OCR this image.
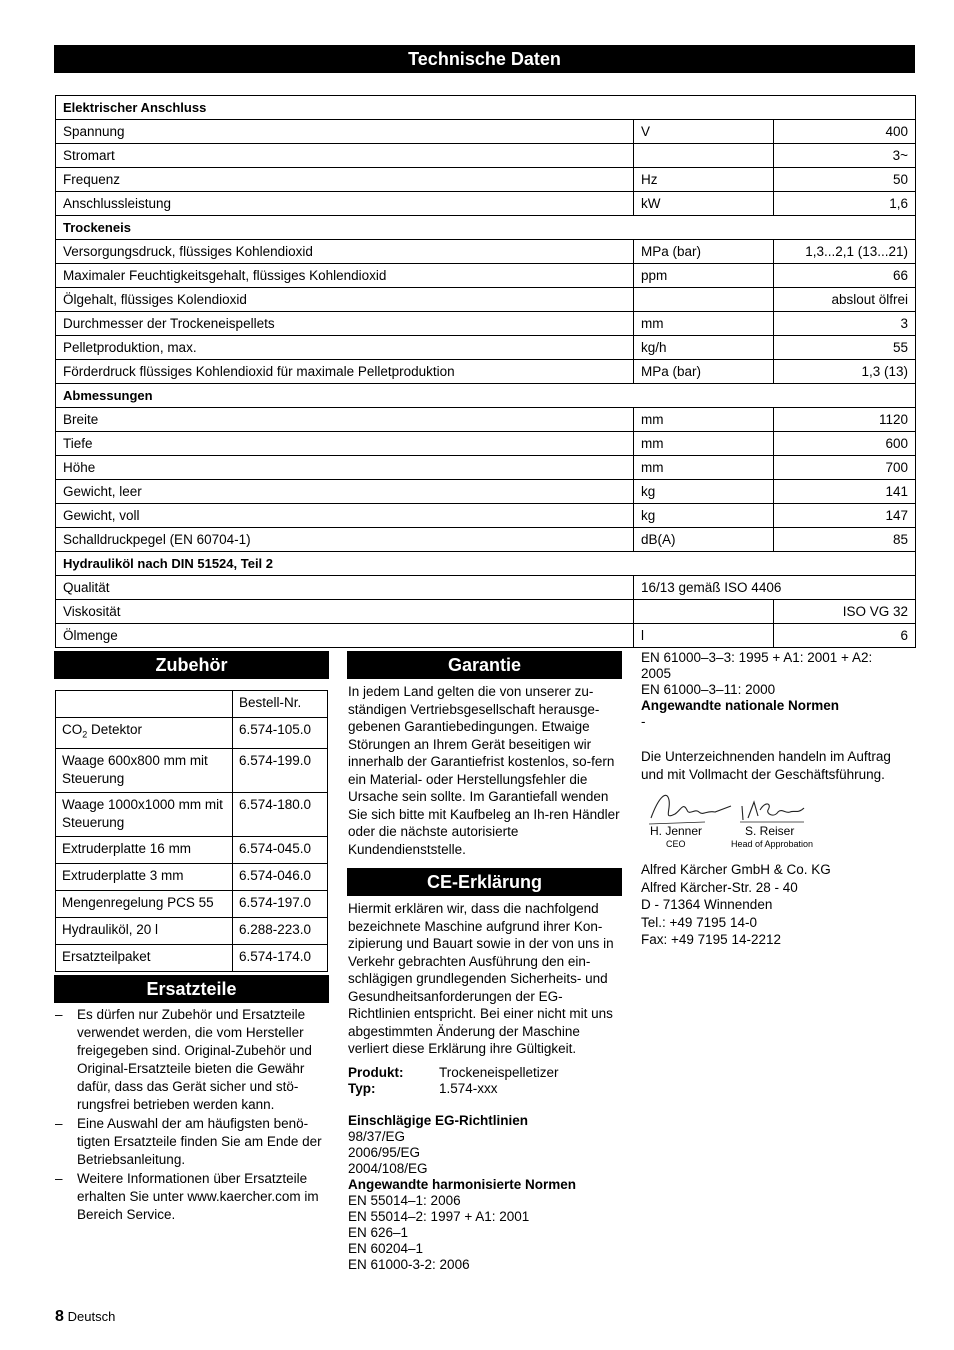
Technische Daten
Elektrischer Anschluss		
Spannung	V	400
Stromart		3~
Frequenz	Hz	50
Anschlussleistung	kW	1,6
Trockeneis		
Versorgungsdruck, flüssiges Kohlendioxid	MPa (bar)	1,3...2,1 (13...21)
Maximaler Feuchtigkeitsgehalt, flüssiges Kohlendioxid	ppm	66
Ölgehalt, flüssiges Kolendioxid		abslout ölfrei
Durchmesser der Trockeneispellets	mm	3
Pelletproduktion, max.	kg/h	55
Förderdruck flüssiges Kohlendioxid für maximale Pelletproduktion	MPa (bar)	1,3 (13)
Abmessungen		
Breite	mm	1120
Tiefe	mm	600
Höhe	mm	700
Gewicht, leer	kg	141
Gewicht, voll	kg	147
Schalldruckpegel (EN 60704-1)	dB(A)	85
Hydrauliköl nach DIN 51524, Teil 2		
Qualität	16/13 gemäß ISO 4406	
Viskosität		ISO VG 32
Ölmenge	l	6
Zubehör
	Bestell-Nr.
$CO_2$ Detektor	6.574-105.0
Waage 600x800 mm mit Steuerung	6.574-199.0
Waage 1000x1000 mm mit Steuerung	6.574-180.0
Extruderplatte 16 mm	6.574-045.0
Extruderplatte 3 mm	6.574-046.0
Mengenregelung PCS 55	6.574-197.0
Hydrauliköl, 20 l	6.288-223.0
Ersatzteilpaket	6.574-174.0
Ersatzteile
– Es dürfen nur Zubehör und Ersatzteile verwendet werden, die vom Hersteller freigegeben sind. Original-Zubehör und Original-Ersatzteile bieten die Gewähr dafür, dass das Gerät sicher und stö-rungsfrei betrieben werden kann.
– Eine Auswahl der am häufigsten benö-tigten Ersatzteile finden Sie am Ende der Betriebsanleitung.
– Weitere Informationen über Ersatzteile erhalten Sie unter www.kaercher.com im Bereich Service.
Garantie

In jedem Land gelten die von unserer zu-ständigen Vertriebsgesellschaft herausge-gebenen Garantiebedingungen. Etwaige Störungen an Ihrem Gerät beseitigen wir innerhalb der Garantiefrist kostenlos, so-fern ein Material- oder Herstellungsfehler die Ursache sein sollte. Im Garantiefall wenden Sie sich bitte mit Kaufbeleg an Ih-ren Händler oder die nächste autorisierte Kundendienststelle.

CE-Erklärung

Hiermit erklären wir, dass die nachfolgend bezeichnete Maschine aufgrund ihrer Kon-zipierung und Bauart sowie in der von uns in Verkehr gebrachten Ausführung den ein-schlägigen grundlegenden Sicherheits- und Gesundheitsanforderungen der EG-Richtlinien entspricht. Bei einer nicht mit uns abgestimmten Änderung der Maschine verliert diese Erklärung ihre Gültigkeit.

Produkt:	Trockeneispelletizer
Typ:	1.574-xxx
Einschlägige EG-Richtlinien
98/37/EG
2006/95/EG
2004/108/EG
Angewandte harmonisierte Normen
EN 55014–1: 2006
EN 55014–2: 1997 + A1: 2001
EN 626–1
EN 60204–1
EN 61000-3-2: 2006
EN 61000–3–3: 1995 + A1: 2001 + A2:
2005
EN 61000–3–11: 2000
Angewandte nationale Normen
-

Die Unterzeichnenden handeln im Auftrag und mit Vollmacht der Geschäftsführung.

H. Jenner
CEO
S. Reiser
Head of Approbation
Alfred Kärcher GmbH & Co. KG
Alfred Kärcher-Str. 28 - 40
D - 71364 Winnenden
Tel.: +49 7195 14-0
Fax: +49 7195 14-2212
8 Deutsch
